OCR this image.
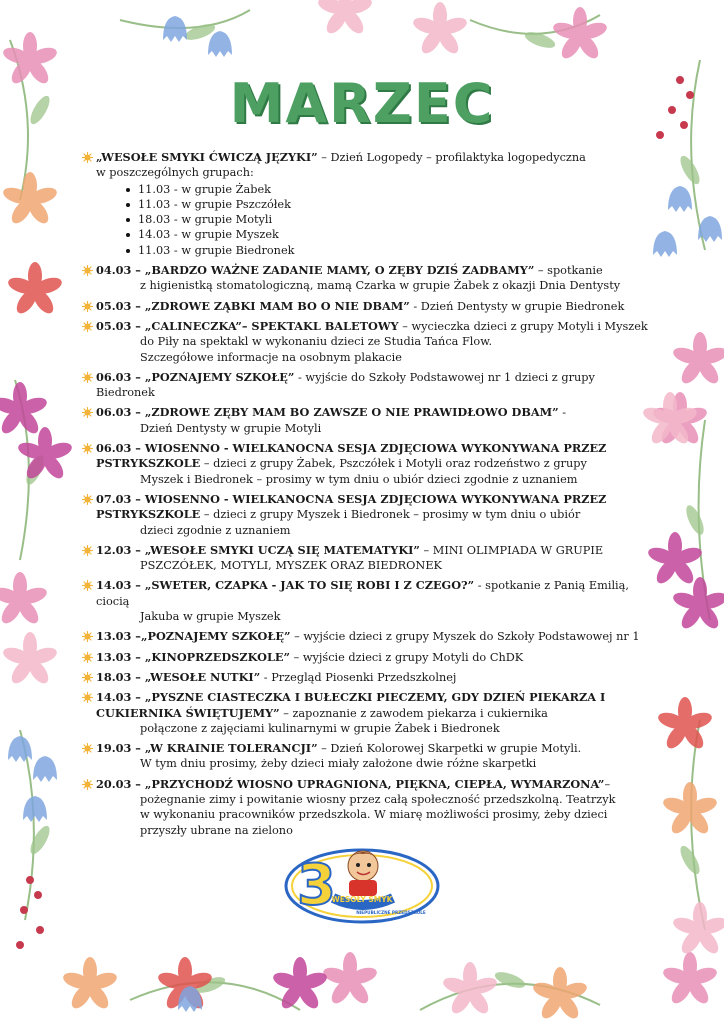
MARZEC
„WESOŁE SMYKI ĆWICZĄ JĘZYKI” – Dzień Logopedy – profilaktyka logopedyczna
w poszczególnych grupach:
11.03 - w grupie Żabek
11.03 - w grupie Pszczółek
18.03 - w grupie Motyli
14.03 - w grupie Myszek
11.03 - w grupie Biedronek
04.03 – „BARDZO WAŻNE ZADANIE MAMY, O ZĘBY DZIŚ ZADBAMY” – spotkanie
z higienistką stomatologiczną, mamą Czarka w grupie Żabek z okazji Dnia Dentysty
05.03 – „ZDROWE ZĄBKI MAM BO O NIE DBAM” - Dzień Dentysty w grupie Biedronek
05.03 – „CALINECZKA”– SPEKTAKL BALETOWY – wycieczka dzieci z grupy Motyli i Myszek
do Piły na spektakl w wykonaniu dzieci ze Studia Tańca Flow.
Szczegółowe informacje na osobnym plakacie
06.03 – „POZNAJEMY SZKOŁĘ” - wyjście do Szkoły Podstawowej nr 1 dzieci z grupy Biedronek
06.03 – „ZDROWE ZĘBY MAM BO ZAWSZE O NIE PRAWIDŁOWO DBAM” -
Dzień Dentysty w grupie Motyli
06.03 – WIOSENNO - WIELKANOCNA SESJA ZDJĘCIOWA WYKONYWANA PRZEZ PSTRYKSZKOLE – dzieci z grupy Żabek, Pszczółek i Motyli oraz rodzeństwo z grupy
Myszek i Biedronek – prosimy w tym dniu o ubiór dzieci zgodnie z uznaniem
07.03 – WIOSENNO - WIELKANOCNA SESJA ZDJĘCIOWA WYKONYWANA PRZEZ PSTRYKSZKOLE – dzieci z grupy Myszek i Biedronek – prosimy w tym dniu o ubiór
dzieci zgodnie z uznaniem
12.03 – „WESOŁE SMYKI UCZĄ SIĘ MATEMATYKI” – MINI OLIMPIADA W GRUPIE
PSZCZÓŁEK, MOTYLI, MYSZEK ORAZ BIEDRONEK
14.03 – „SWETER, CZAPKA - JAK TO SIĘ ROBI I Z CZEGO?” - spotkanie z Panią Emilią, ciocią
Jakuba w grupie Myszek
13.03 –„POZNAJEMY SZKOŁĘ” – wyjście dzieci z grupy Myszek do Szkoły Podstawowej nr 1
13.03 – „KINOPRZEDSZKOLE” – wyjście dzieci z grupy Motyli do ChDK
18.03 – „WESOŁE NUTKI” - Przegląd Piosenki Przedszkolnej
14.03 – „PYSZNE CIASTECZKA I BUŁECZKI PIECZEMY, GDY DZIEŃ PIEKARZA I CUKIERNIKA ŚWIĘTUJEMY” – zapoznanie z zawodem piekarza i cukiernika
połączone z zajęciami kulinarnymi w grupie Żabek i Biedronek
19.03 – „W KRAINIE TOLERANCJI” – Dzień Kolorowej Skarpetki w grupie Motyli.
W tym dniu prosimy, żeby dzieci miały założone dwie różne skarpetki
20.03 – „PRZYCHODŹ WIOSNO UPRAGNIONA, PIĘKNA, CIEPŁA, WYMARZONA”–
pożegnanie zimy i powitanie wiosny przez całą społeczność przedszkolną. Teatrzyk
w wykonaniu pracowników przedszkola. W miarę możliwości prosimy, żeby dzieci
przyszły ubrane na zielono
3
WESOŁY SMYK
NIEPUBLICZNE PRZEDSZKOLE
